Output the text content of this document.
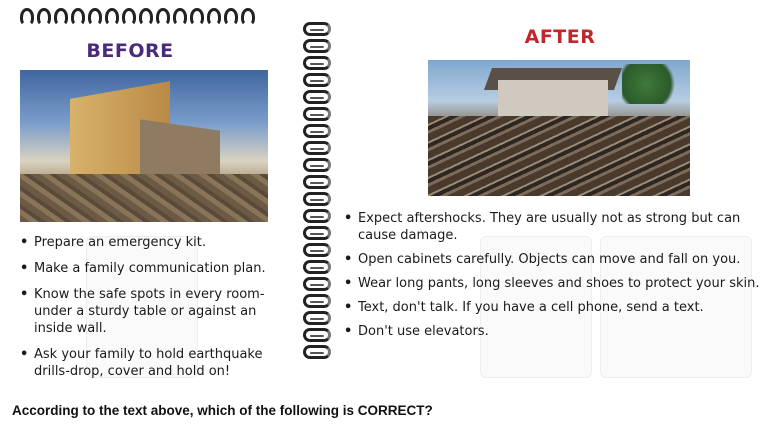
BEFORE
AFTER
• Prepare an emergency kit.
• Make a family communication plan.
• Know the safe spots in every room-under a sturdy table or against an inside wall.
• Ask your family to hold earthquake drills-drop, cover and hold on!
• Expect aftershocks. They are usually not as strong but can cause damage.
• Open cabinets carefully. Objects can move and fall on you.
• Wear long pants, long sleeves and shoes to protect your skin.
• Text, don't talk. If you have a cell phone, send a text.
• Don't use elevators.
According to the text above, which of the following is CORRECT?
